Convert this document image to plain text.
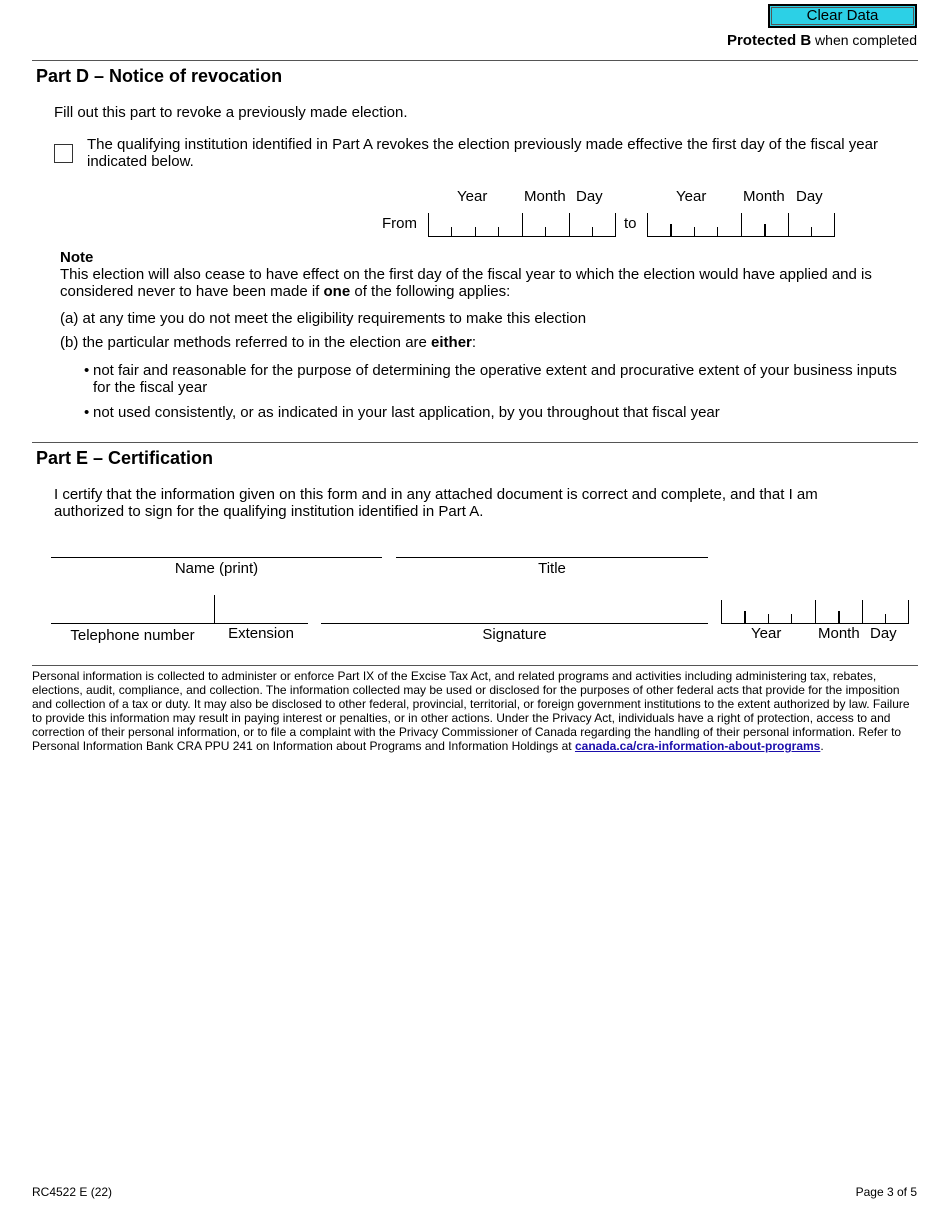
Clear Data
Protected B when completed
Part D – Notice of revocation
Fill out this part to revoke a previously made election.
The qualifying institution identified in Part A revokes the election previously made effective the first day of the fiscal year indicated below.
Year Month Day	Year Month Day
From	to
Note
This election will also cease to have effect on the first day of the fiscal year to which the election would have applied and is considered never to have been made if one of the following applies:
(a) at any time you do not meet the eligibility requirements to make this election
(b) the particular methods referred to in the election are either:
• not fair and reasonable for the purpose of determining the operative extent and procurative extent of your business inputs for the fiscal year
• not used consistently, or as indicated in your last application, by you throughout that fiscal year
Part E – Certification
I certify that the information given on this form and in any attached document is correct and complete, and that I am authorized to sign for the qualifying institution identified in Part A.
Name (print)	Title
Telephone number	Extension	Signature	Year Month Day
Personal information is collected to administer or enforce Part IX of the Excise Tax Act, and related programs and activities including administering tax, rebates, elections, audit, compliance, and collection. The information collected may be used or disclosed for the purposes of other federal acts that provide for the imposition and collection of a tax or duty. It may also be disclosed to other federal, provincial, territorial, or foreign government institutions to the extent authorized by law. Failure to provide this information may result in paying interest or penalties, or in other actions. Under the Privacy Act, individuals have a right of protection, access to and correction of their personal information, or to file a complaint with the Privacy Commissioner of Canada regarding the handling of their personal information. Refer to Personal Information Bank CRA PPU 241 on Information about Programs and Information Holdings at canada.ca/cra-information-about-programs.
RC4522 E (22)	Page 3 of 5
